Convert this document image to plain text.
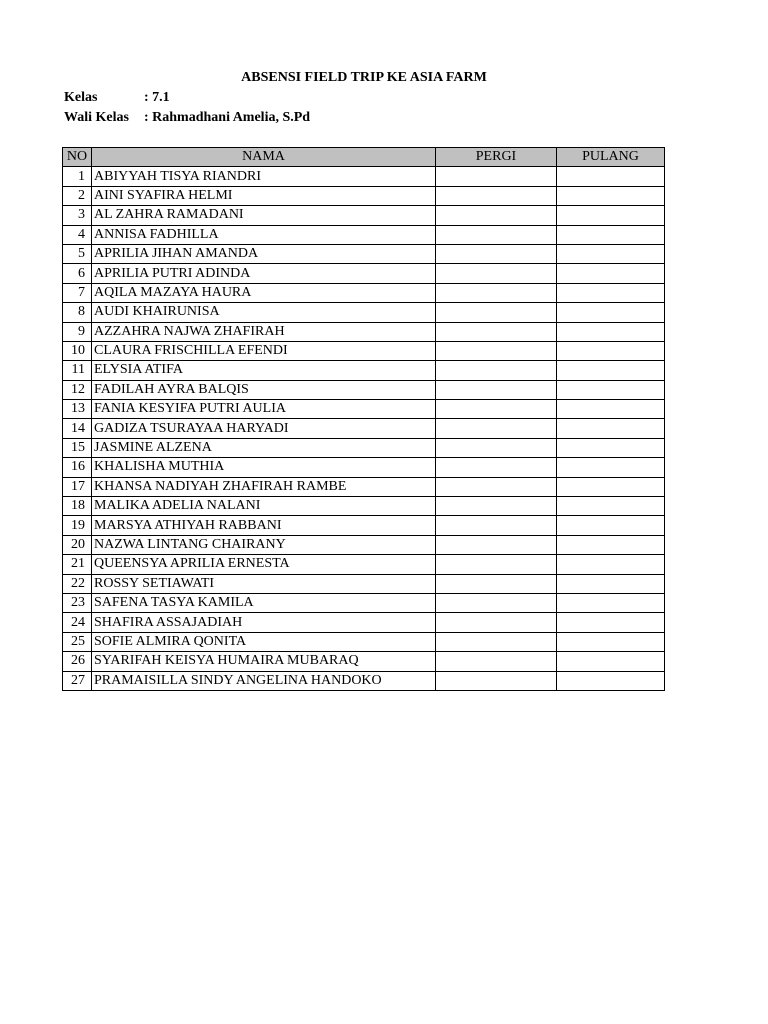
ABSENSI FIELD TRIP KE ASIA FARM
Kelas	: 7.1
Wali Kelas : Rahmadhani Amelia, S.Pd
NO	NAMA	PERGI	PULANG
1	ABIYYAH TISYA RIANDRI		
2	AINI SYAFIRA HELMI		
3	AL ZAHRA RAMADANI		
4	ANNISA FADHILLA		
5	APRILIA JIHAN AMANDA		
6	APRILIA PUTRI ADINDA		
7	AQILA MAZAYA HAURA		
8	AUDI KHAIRUNISA		
9	AZZAHRA NAJWA ZHAFIRAH		
10	CLAURA FRISCHILLA EFENDI		
11	ELYSIA ATIFA		
12	FADILAH AYRA BALQIS		
13	FANIA KESYIFA PUTRI AULIA		
14	GADIZA TSURAYAA HARYADI		
15	JASMINE ALZENA		
16	KHALISHA MUTHIA		
17	KHANSA NADIYAH ZHAFIRAH RAMBE		
18	MALIKA ADELIA NALANI		
19	MARSYA ATHIYAH RABBANI		
20	NAZWA LINTANG CHAIRANY		
21	QUEENSYA APRILIA ERNESTA		
22	ROSSY SETIAWATI		
23	SAFENA TASYA KAMILA		
24	SHAFIRA ASSAJADIAH		
25	SOFIE ALMIRA QONITA		
26	SYARIFAH KEISYA HUMAIRA MUBARAQ		
27	PRAMAISILLA SINDY ANGELINA HANDOKO		
